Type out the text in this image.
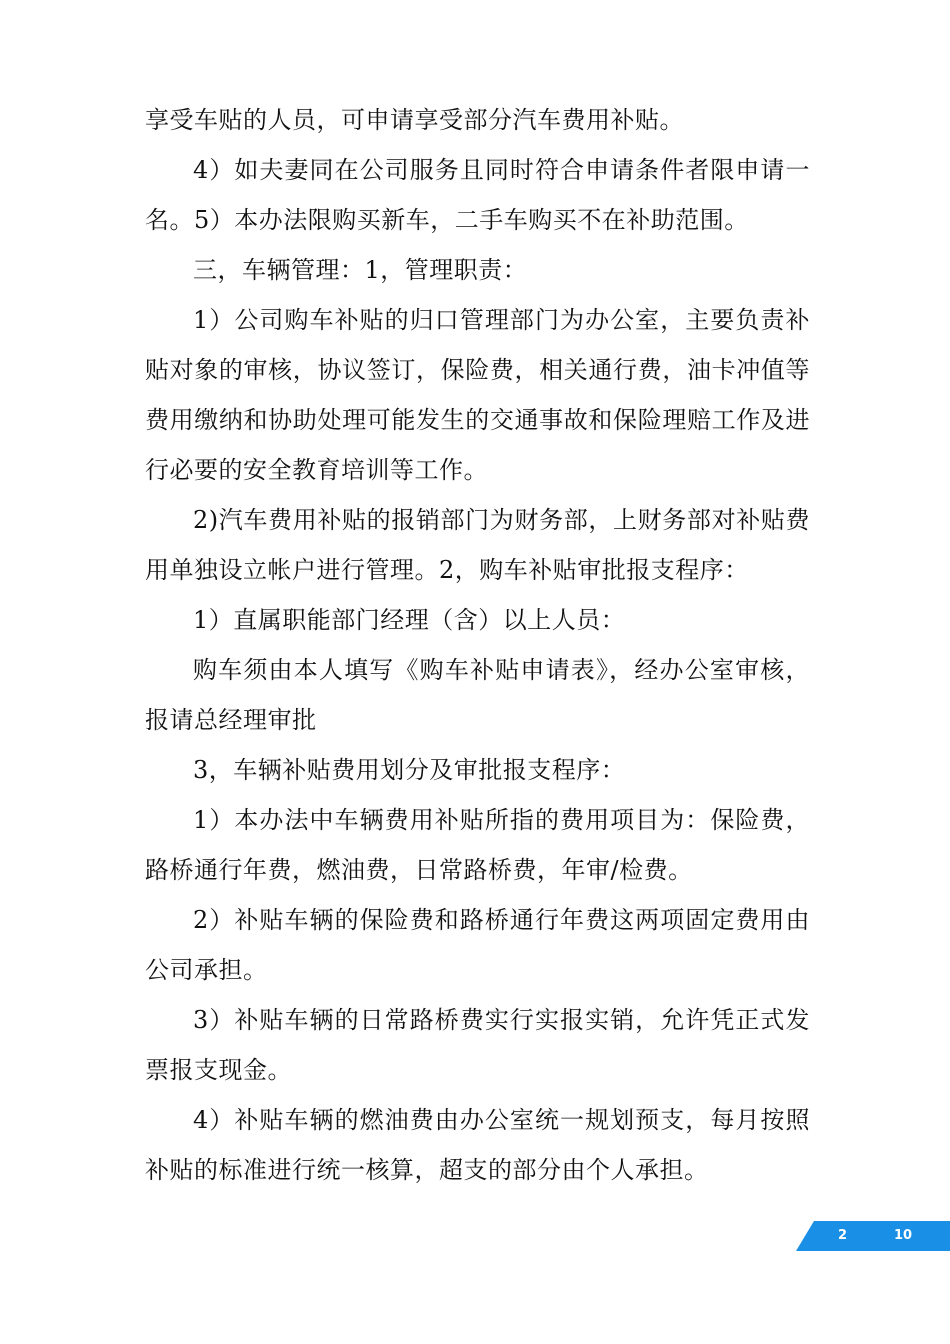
享受车贴的人员，可申请享受部分汽车费用补贴。

4）如夫妻同在公司服务且同时符合申请条件者限申请一名。5）本办法限购买新车，二手车购买不在补助范围。

三，车辆管理：1，管理职责：

1）公司购车补贴的归口管理部门为办公室，主要负责补贴对象的审核，协议签订，保险费，相关通行费，油卡冲值等费用缴纳和协助处理可能发生的交通事故和保险理赔工作及进行必要的安全教育培训等工作。

2)汽车费用补贴的报销部门为财务部，上财务部对补贴费用单独设立帐户进行管理。2，购车补贴审批报支程序：

1）直属职能部门经理（含）以上人员：

购车须由本人填写《购车补贴申请表》，经办公室审核，报请总经理审批

3，车辆补贴费用划分及审批报支程序：

1）本办法中车辆费用补贴所指的费用项目为：保险费，路桥通行年费，燃油费，日常路桥费，年审/检费。

2）补贴车辆的保险费和路桥通行年费这两项固定费用由公司承担。

3）补贴车辆的日常路桥费实行实报实销，允许凭正式发票报支现金。

4）补贴车辆的燃油费由办公室统一规划预支，每月按照补贴的标准进行统一核算，超支的部分由个人承担。

2	10
